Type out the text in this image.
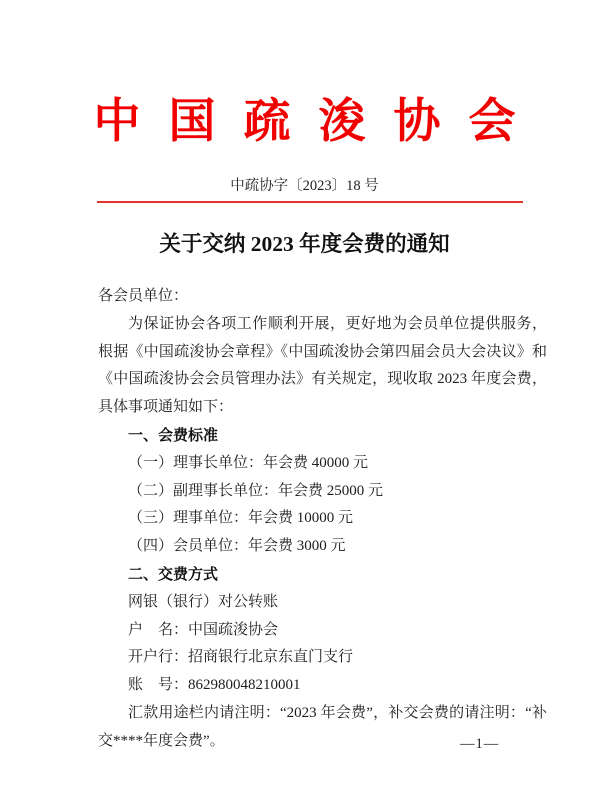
中国疏浚协会
中疏协字〔2023〕18 号
关于交纳 2023 年度会费的通知

各会员单位：

为保证协会各项工作顺利开展，更好地为会员单位提供服务，根据《中国疏浚协会章程》《中国疏浚协会第四届会员大会决议》和《中国疏浚协会会员管理办法》有关规定，现收取 2023 年度会费，具体事项通知如下：

一、会费标准

（一）理事长单位：年会费 40000 元

（二）副理事长单位：年会费 25000 元

（三）理事单位：年会费 10000 元

（四）会员单位：年会费 3000 元

二、交费方式

网银（银行）对公转账

户　名：中国疏浚协会

开户行：招商银行北京东直门支行

账　号：862980048210001

汇款用途栏内请注明：“2023 年会费”，补交会费的请注明：“补交****年度会费”。	—1—
